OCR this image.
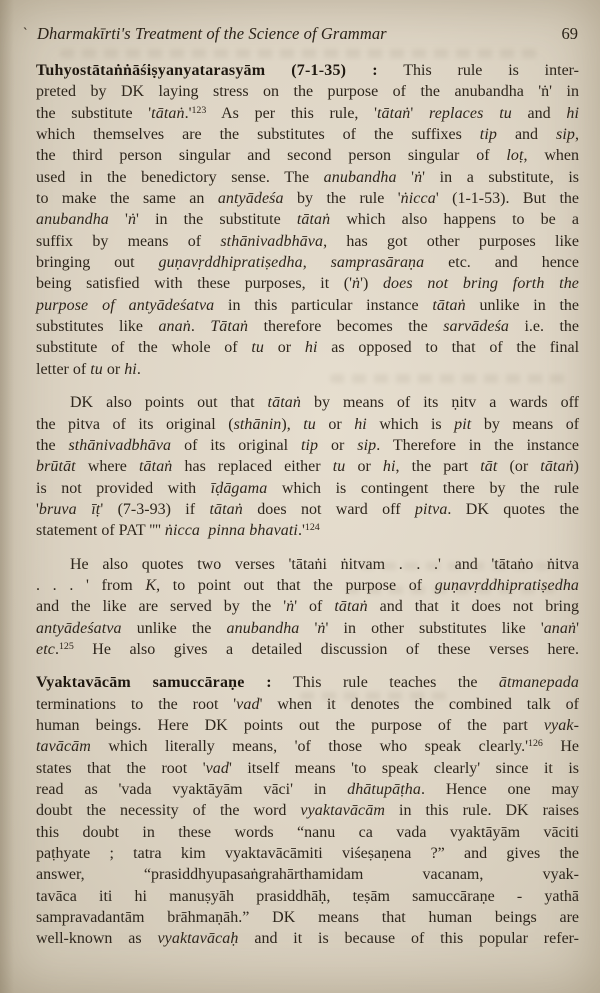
` Dharmakīrti's Treatment of the Science of Grammar	69
Tuhyostātaṅṅāśiṣyanyatarasyām (7-1-35) : This rule is inter-
preted by DK laying stress on the purpose of the anubandha 'ṅ' in
the substitute '$tātaṅ.'^{123}$ As per this rule, 'tātaṅ' replaces tu and hi
which themselves are the substitutes of the suffixes tip and sip,
the third person singular and second person singular of loṭ, when
used in the benedictory sense. The anubandha 'ṅ' in a substitute, is
to make the same an antyādeśa by the rule 'ṅicca' (1-1-53). But the
anubandha 'ṅ' in the substitute tātaṅ which also happens to be a
suffix by means of sthānivadbhāva, has got other purposes like
bringing out guṇavṛddhipratiṣedha, samprasāraṇa etc. and hence
being satisfied with these purposes, it ('ṅ') does not bring forth the
purpose of antyādeśatva in this particular instance tātaṅ unlike in the
substitutes like anaṅ. Tātaṅ therefore becomes the sarvādeśa i.e. the
substitute of the whole of tu or hi as opposed to that of the final
letter of tu or hi.
DK also points out that tātaṅ by means of its ṇitv a wards off
the pitva of its original (sthānin), tu or hi which is pit by means of
the sthānivadbhāva of its original tip or sip. Therefore in the instance
brūtāt where tātaṅ has replaced either tu or hi, the part tāt (or tātaṅ)
is not provided with īḍāgama which is contingent there by the rule
'bruva īṭ' (7-3-93) if tātaṅ does not ward off pitva. DK quotes the
statement of PAT '''' ṅicca  pinna $bhavati.'^{124}$
He also quotes two verses 'tātaṅi ṅitvam . . .' and 'tātaṅo ṅitva
. . . ' from K, to point out that the purpose of guṇavṛddhipratiṣedha
and the like are served by the 'ṅ' of tātaṅ and that it does not bring
antyādeśatva unlike the anubandha 'ṅ' in other substitutes like 'anaṅ'
etc.$^{125}$ He also gives a detailed discussion of these verses here.
Vyaktavācām samuccāraṇe : This rule teaches the ātmanepada
terminations to the root 'vad' when it denotes the combined talk of
human beings. Here DK points out the purpose of the part vyak-
tavācām which literally means, 'of those who speak $clearly.'^{126}$ He
states that the root 'vad' itself means 'to speak clearly' since it is
read as 'vada vyaktāyām vāci' in dhātupāṭha. Hence one may
doubt the necessity of the word vyaktavācām in this rule. DK raises
this doubt in these words “nanu ca vada vyaktāyām vāciti
paṭhyate ; tatra kim vyaktavācāmiti viśeṣaṇena ?” and gives the
answer, “prasiddhyupasaṅgrahārthamidam vacanam, vyak-
tavāca iti hi manuṣyāh prasiddhāḥ, teṣām samuccāraṇe - yathā
sampravadantām brāhmaṇāh.” DK means that human beings are
well-known as vyaktavācaḥ and it is because of this popular refer-
